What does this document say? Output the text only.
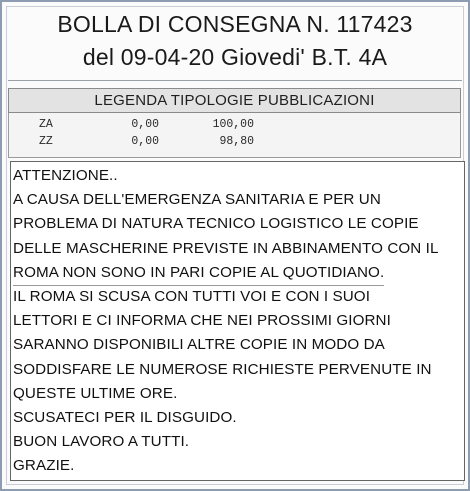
BOLLA DI CONSEGNA N. 117423
del 09-04-20 Giovedi' B.T. 4A
LEGENDA TIPOLOGIE PUBBLICAZIONI
ZA	0,00	100,00
ZZ	0,00	98,80
ATTENZIONE..
A CAUSA DELL'EMERGENZA SANITARIA E PER UN
PROBLEMA DI NATURA TECNICO LOGISTICO LE COPIE
DELLE MASCHERINE PREVISTE IN ABBINAMENTO CON IL
ROMA NON SONO IN PARI COPIE AL QUOTIDIANO.
IL ROMA SI SCUSA CON TUTTI VOI E CON I SUOI
LETTORI E CI INFORMA CHE NEI PROSSIMI GIORNI
SARANNO DISPONIBILI ALTRE COPIE IN MODO DA
SODDISFARE LE NUMEROSE RICHIESTE PERVENUTE IN
QUESTE ULTIME ORE.
SCUSATECI PER IL DISGUIDO.
BUON LAVORO A TUTTI.
GRAZIE.
